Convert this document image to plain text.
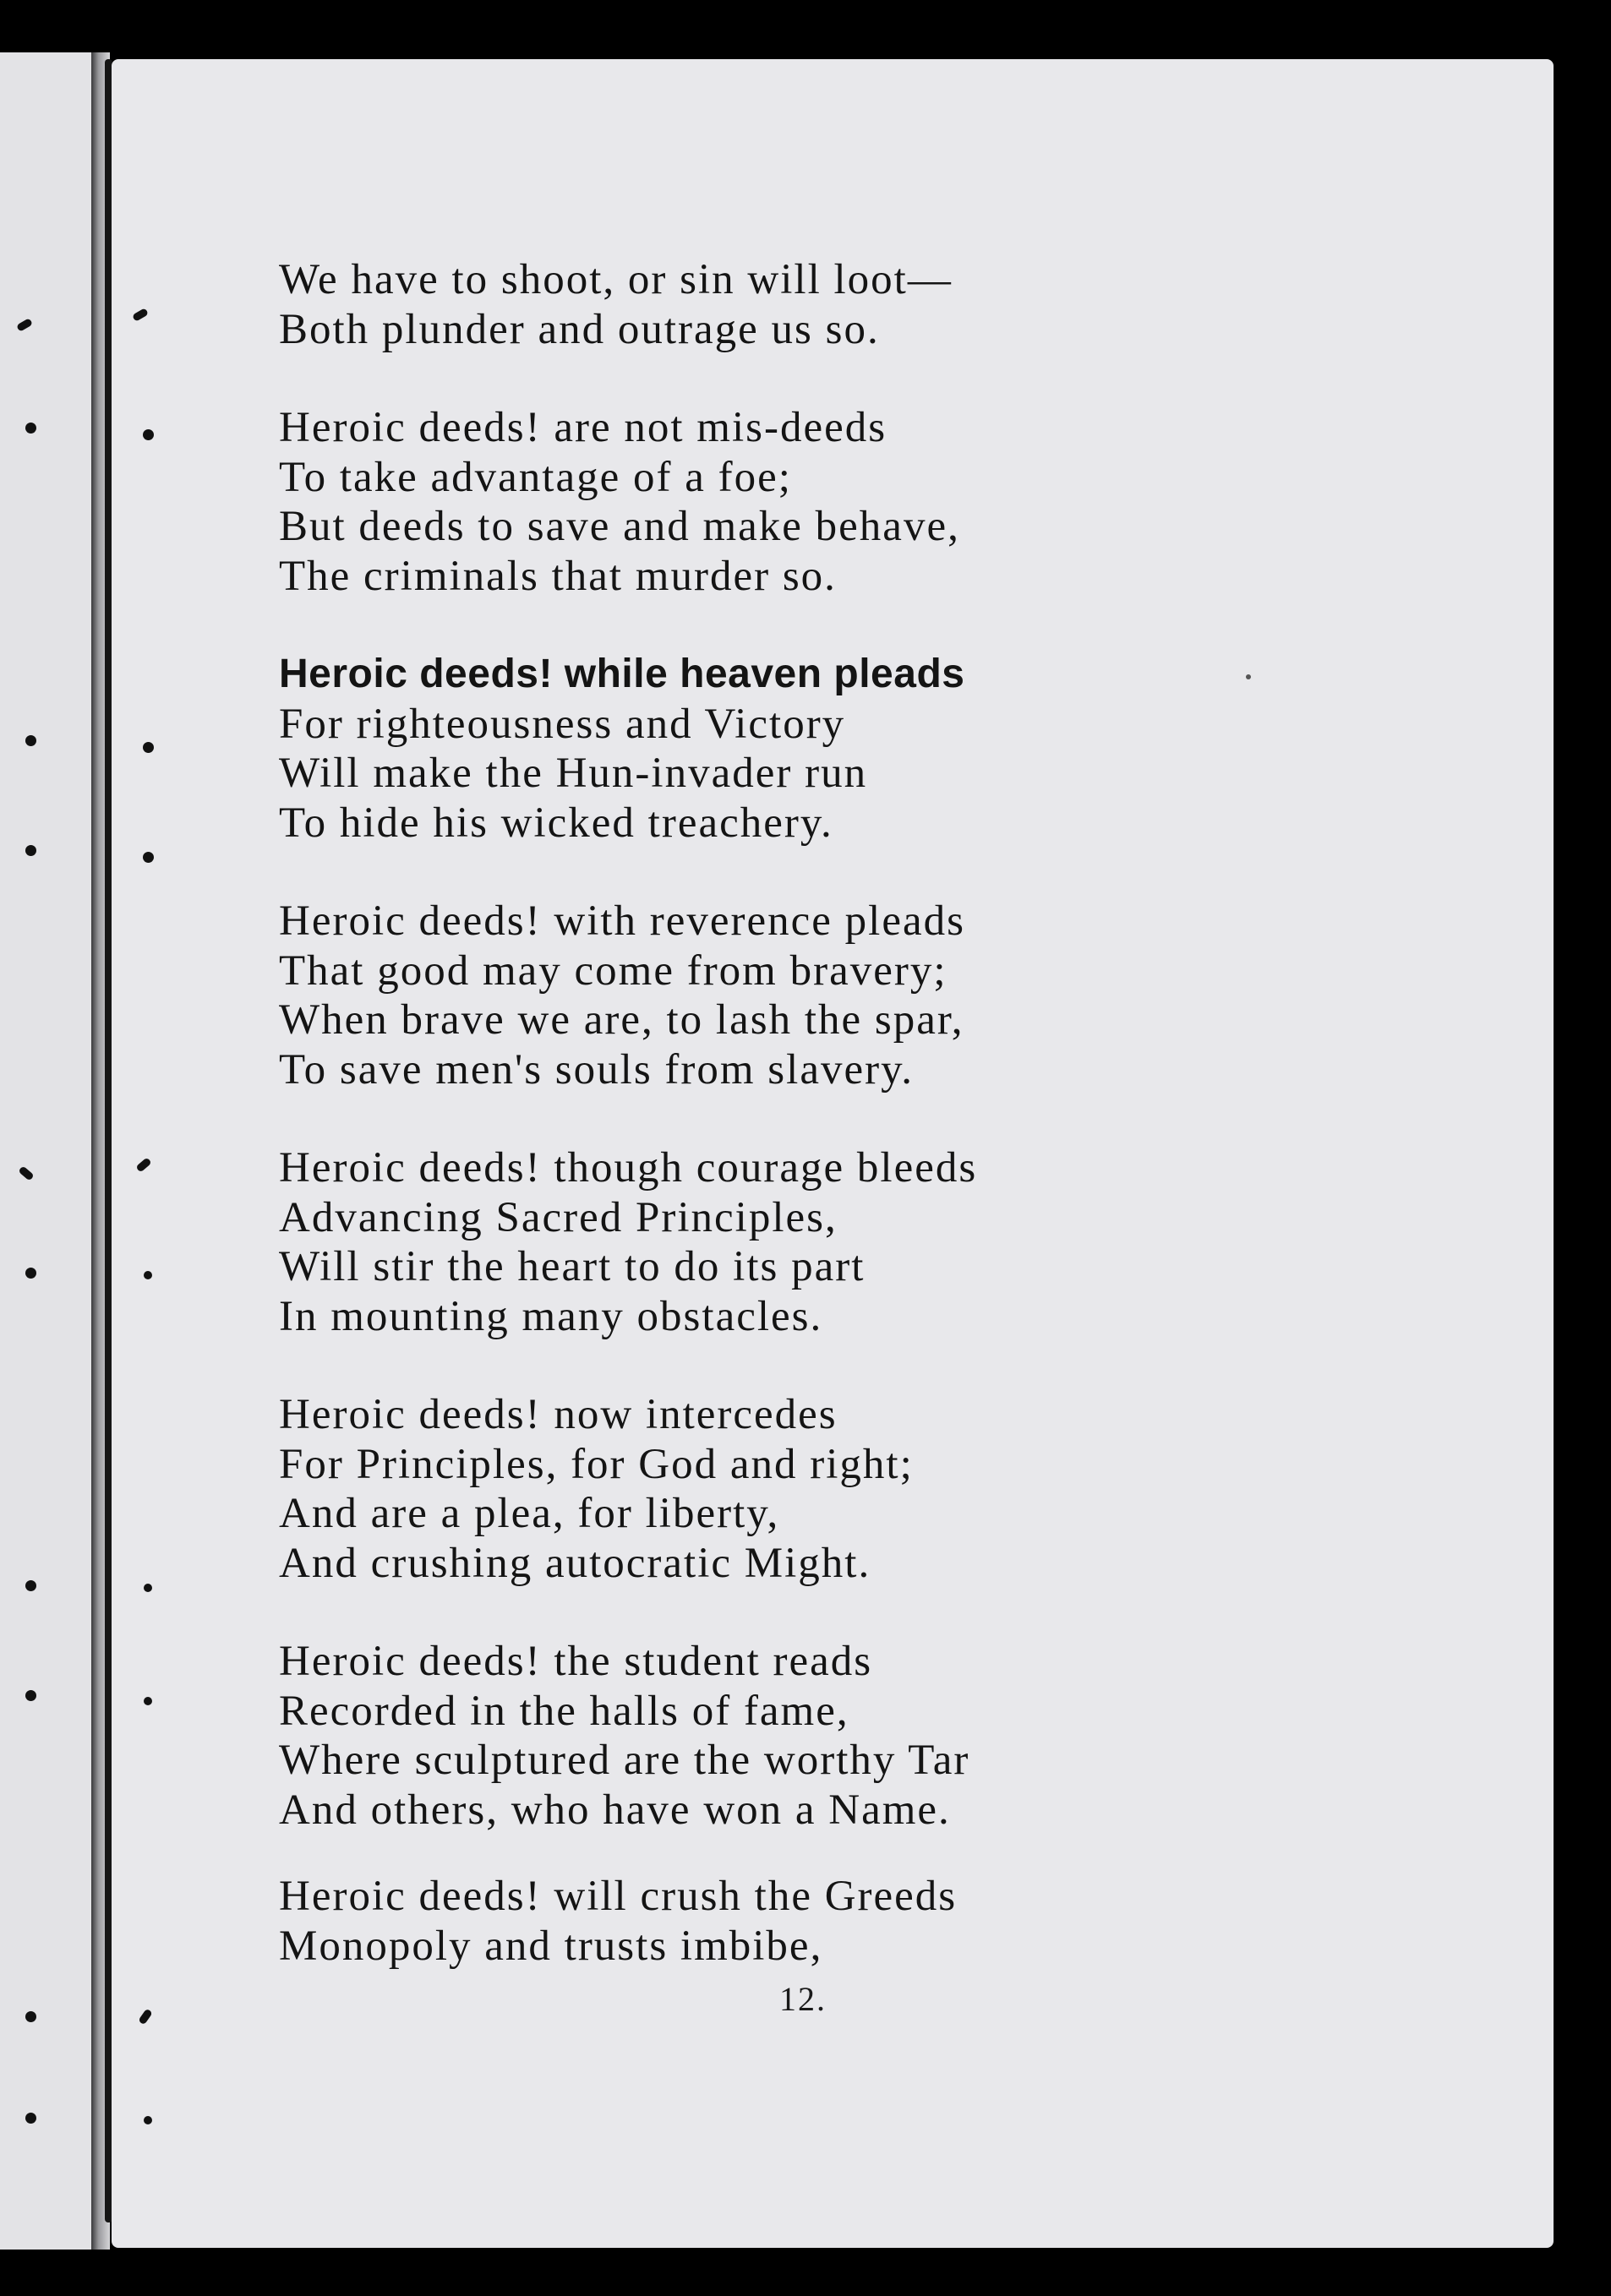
We have to shoot, or sin will loot—
Both plunder and outrage us so.
Heroic deeds! are not mis-deeds
To take advantage of a foe;
But deeds to save and make behave,
The criminals that murder so.
Heroic deeds! while heaven pleads
For righteousness and Victory
Will make the Hun-invader run
To hide his wicked treachery.
Heroic deeds! with reverence pleads
That good may come from bravery;
When brave we are, to lash the spar,
To save men's souls from slavery.
Heroic deeds! though courage bleeds
Advancing Sacred Principles,
Will stir the heart to do its part
In mounting many obstacles.
Heroic deeds! now intercedes
For Principles, for God and right;
And are a plea, for liberty,
And crushing autocratic Might.
Heroic deeds! the student reads
Recorded in the halls of fame,
Where sculptured are the worthy Tar
And others, who have won a Name.
Heroic deeds! will crush the Greeds
Monopoly and trusts imbibe,
12.
